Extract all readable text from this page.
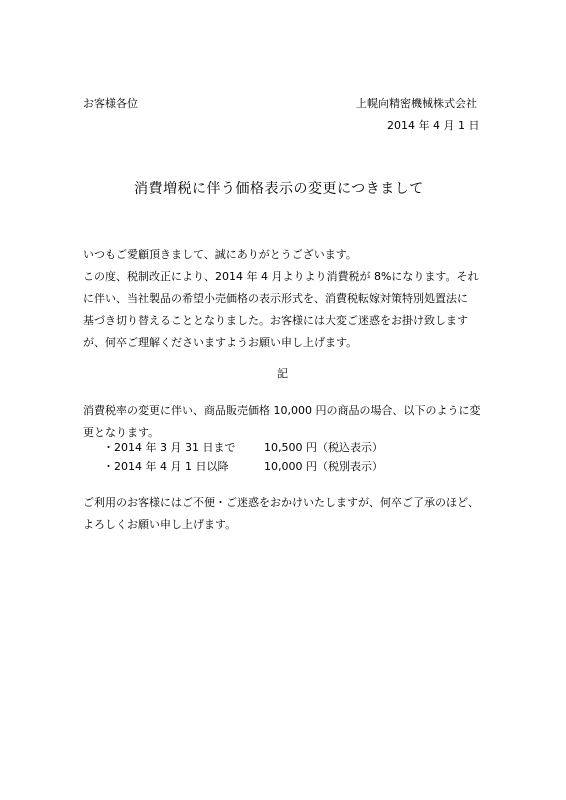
お客様各位	上幌向精密機械株式会社
2014 年 4 月 1 日
消費増税に伴う価格表示の変更につきまして
いつもご愛顧頂きまして、誠にありがとうございます。
この度、税制改正により、2014 年 4 月よりより消費税が 8%になります。それ
に伴い、当社製品の希望小売価格の表示形式を、消費税転嫁対策特別処置法に
基づき切り替えることとなりました。お客様には大変ご迷惑をお掛け致します
が、何卒ご理解くださいますようお願い申し上げます。
記
消費税率の変更に伴い、商品販売価格 10,000 円の商品の場合、以下のように変
更となります。
・2014 年 3 月 31 日まで	10,500 円（税込表示）
・2014 年 4 月 1 日以降	10,000 円（税別表示）
ご利用のお客様にはご不便・ご迷惑をおかけいたしますが、何卒ご了承のほど、
よろしくお願い申し上げます。
